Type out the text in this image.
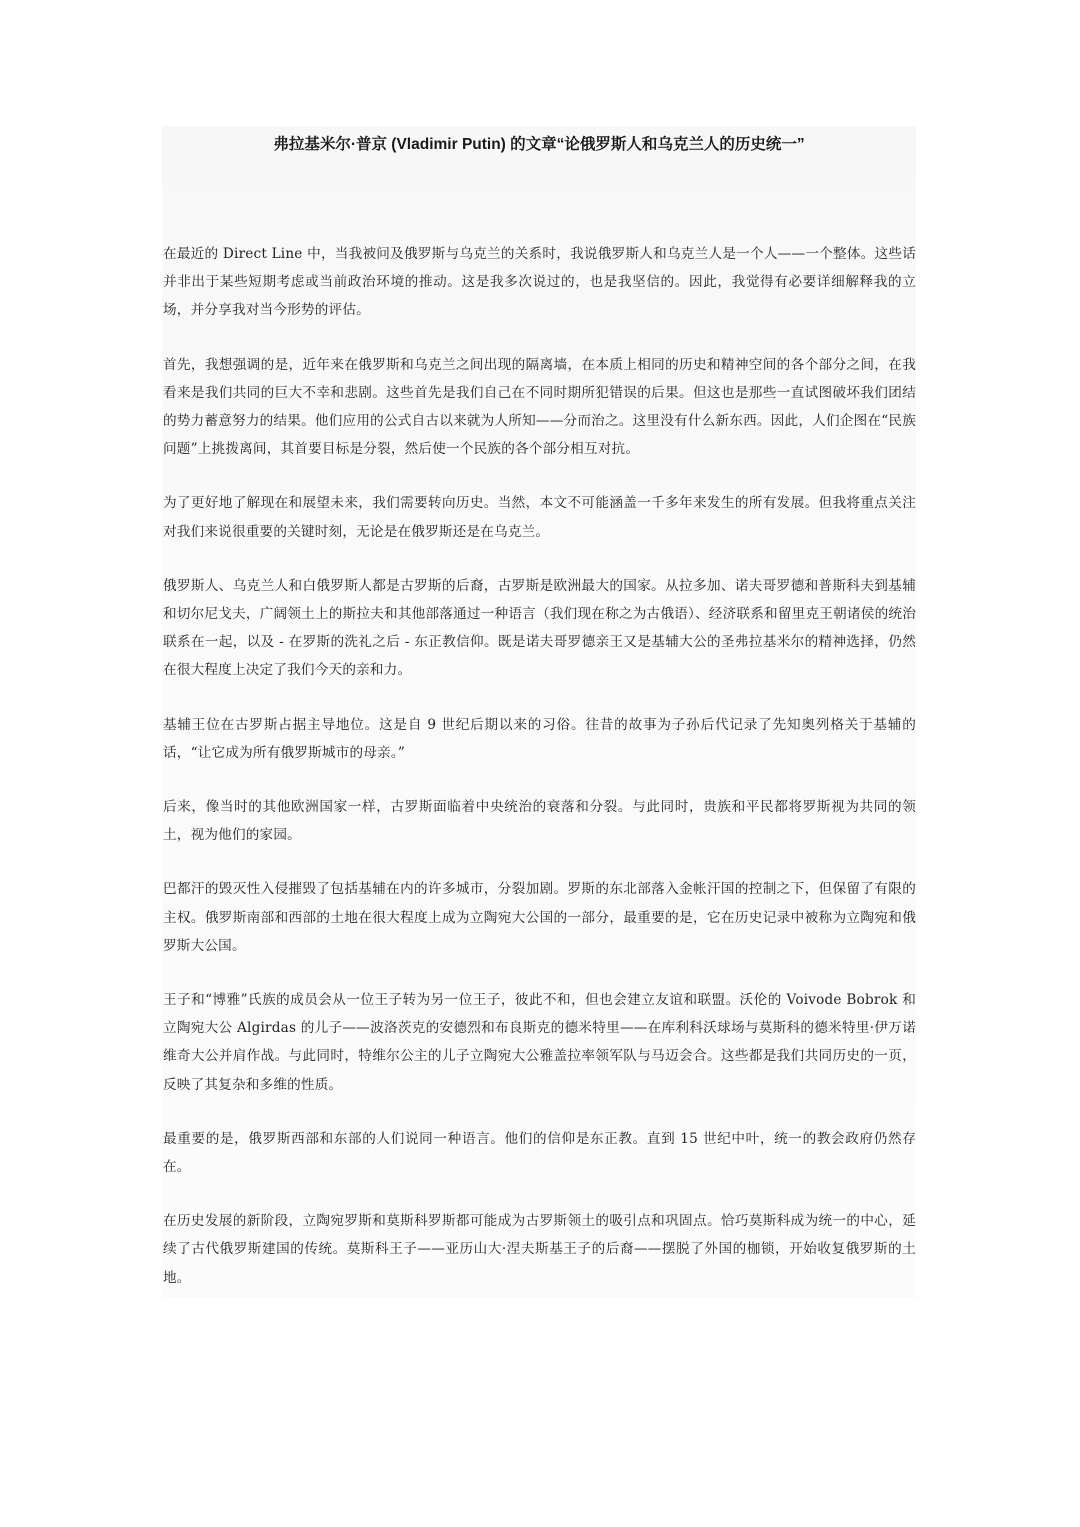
弗拉基米尔·普京 (Vladimir Putin) 的文章“论俄罗斯人和乌克兰人的历史统一”

在最近的 Direct Line 中，当我被问及俄罗斯与乌克兰的关系时，我说俄罗斯人和乌克兰人是一个人——一个整体。这些话并非出于某些短期考虑或当前政治环境的推动。这是我多次说过的，也是我坚信的。因此，我觉得有必要详细解释我的立场，并分享我对当今形势的评估。

首先，我想强调的是，近年来在俄罗斯和乌克兰之间出现的隔离墙，在本质上相同的历史和精神空间的各个部分之间，在我看来是我们共同的巨大不幸和悲剧。这些首先是我们自己在不同时期所犯错误的后果。但这也是那些一直试图破坏我们团结的势力蓄意努力的结果。他们应用的公式自古以来就为人所知——分而治之。这里没有什么新东西。因此，人们企图在“民族问题”上挑拨离间，其首要目标是分裂，然后使一个民族的各个部分相互对抗。

为了更好地了解现在和展望未来，我们需要转向历史。当然，本文不可能涵盖一千多年来发生的所有发展。但我将重点关注对我们来说很重要的关键时刻，无论是在俄罗斯还是在乌克兰。

俄罗斯人、乌克兰人和白俄罗斯人都是古罗斯的后裔，古罗斯是欧洲最大的国家。从拉多加、诺夫哥罗德和普斯科夫到基辅和切尔尼戈夫，广阔领土上的斯拉夫和其他部落通过一种语言（我们现在称之为古俄语）、经济联系和留里克王朝诸侯的统治联系在一起，以及 - 在罗斯的洗礼之后 - 东正教信仰。既是诺夫哥罗德亲王又是基辅大公的圣弗拉基米尔的精神选择，仍然在很大程度上决定了我们今天的亲和力。

基辅王位在古罗斯占据主导地位。这是自 9 世纪后期以来的习俗。往昔的故事为子孙后代记录了先知奥列格关于基辅的话，“让它成为所有俄罗斯城市的母亲。”

后来，像当时的其他欧洲国家一样，古罗斯面临着中央统治的衰落和分裂。与此同时，贵族和平民都将罗斯视为共同的领土，视为他们的家园。

巴都汗的毁灭性入侵摧毁了包括基辅在内的许多城市，分裂加剧。罗斯的东北部落入金帐汗国的控制之下，但保留了有限的主权。俄罗斯南部和西部的土地在很大程度上成为立陶宛大公国的一部分，最重要的是，它在历史记录中被称为立陶宛和俄罗斯大公国。

王子和“博雅”氏族的成员会从一位王子转为另一位王子，彼此不和，但也会建立友谊和联盟。沃伦的 Voivode Bobrok 和立陶宛大公 Algirdas 的儿子——波洛茨克的安德烈和布良斯克的德米特里——在库利科沃球场与莫斯科的德米特里·伊万诺维奇大公并肩作战。与此同时，特维尔公主的儿子立陶宛大公雅盖拉率领军队与马迈会合。这些都是我们共同历史的一页，反映了其复杂和多维的性质。

最重要的是，俄罗斯西部和东部的人们说同一种语言。他们的信仰是东正教。直到 15 世纪中叶，统一的教会政府仍然存在。

在历史发展的新阶段，立陶宛罗斯和莫斯科罗斯都可能成为古罗斯领土的吸引点和巩固点。恰巧莫斯科成为统一的中心，延续了古代俄罗斯建国的传统。莫斯科王子——亚历山大·涅夫斯基王子的后裔——摆脱了外国的枷锁，开始收复俄罗斯的土地。
